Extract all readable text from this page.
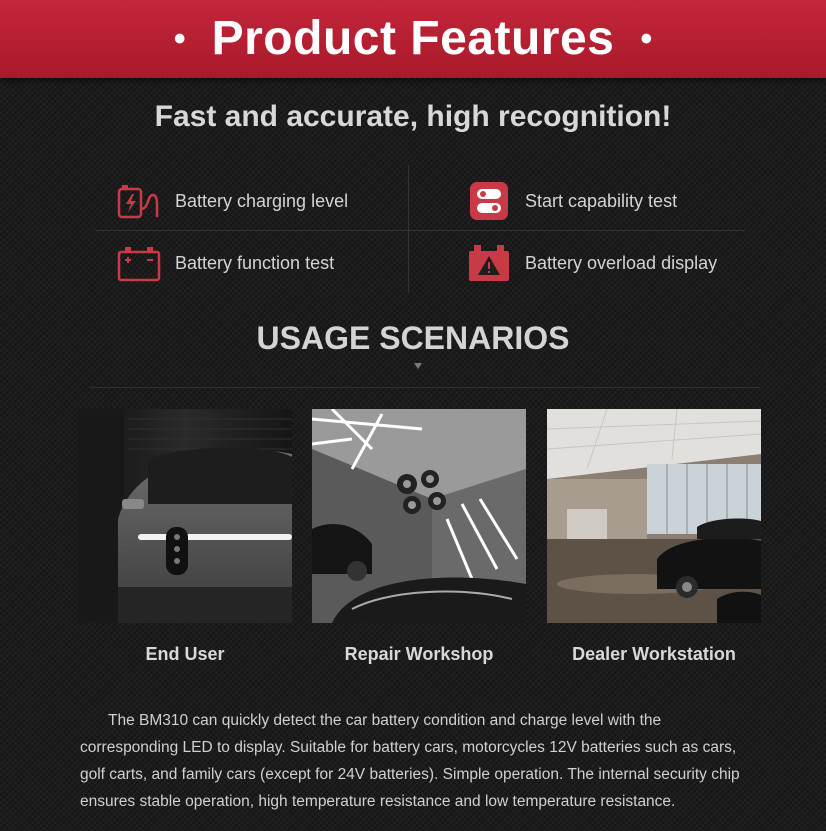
• Product Features •
Fast and accurate, high recognition!
Battery charging level	Start capability test
Battery function test	Battery overload display
USAGE SCENARIOS
End User	Repair Workshop	Dealer Workstation
The BM310 can quickly detect the car battery condition and charge level with the corresponding LED to display. Suitable for battery cars, motorcycles 12V batteries such as cars, golf carts, and family cars (except for 24V batteries). Simple operation. The internal security chip ensures stable operation, high temperature resistance and low temperature resistance.
